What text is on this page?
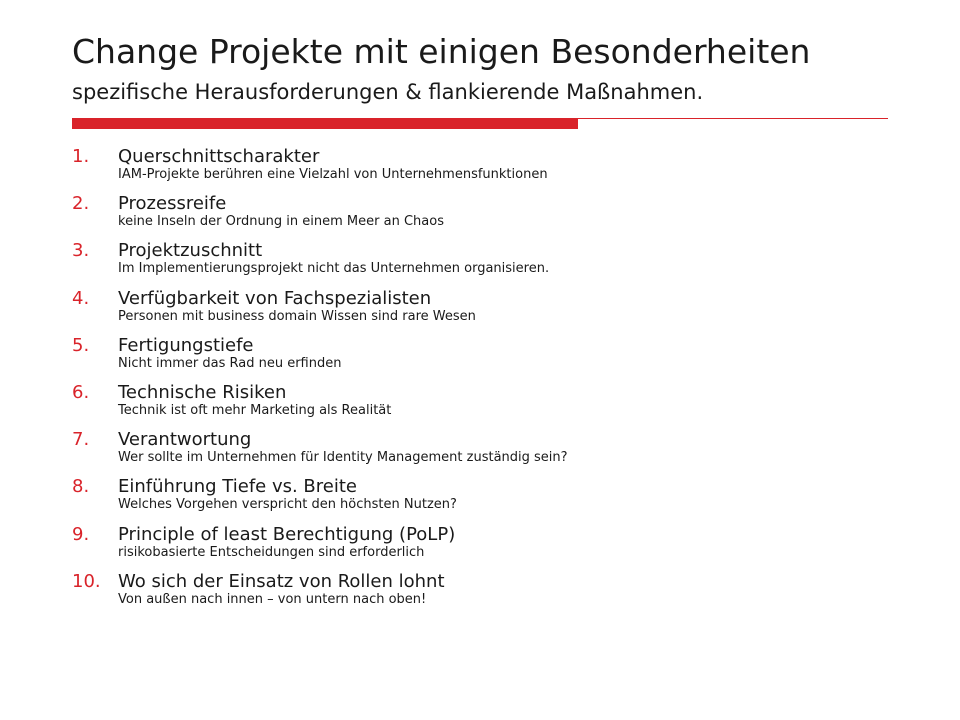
Change Projekte mit einigen Besonderheiten
spezifische Herausforderungen & flankierende Maßnahmen.
1. Querschnittscharakter
IAM-Projekte berühren eine Vielzahl von Unternehmensfunktionen
2. Prozessreife
keine Inseln der Ordnung in einem Meer an Chaos
3. Projektzuschnitt
Im Implementierungsprojekt nicht das Unternehmen organisieren.
4. Verfügbarkeit von Fachspezialisten
Personen mit business domain Wissen sind rare Wesen
5. Fertigungstiefe
Nicht immer das Rad neu erfinden
6. Technische Risiken
Technik ist oft mehr Marketing als Realität
7. Verantwortung
Wer sollte im Unternehmen für Identity Management zuständig sein?
8. Einführung Tiefe vs. Breite
Welches Vorgehen verspricht den höchsten Nutzen?
9. Principle of least Berechtigung (PoLP)
risikobasierte Entscheidungen sind erforderlich
10. Wo sich der Einsatz von Rollen lohnt
Von außen nach innen – von untern nach oben!
